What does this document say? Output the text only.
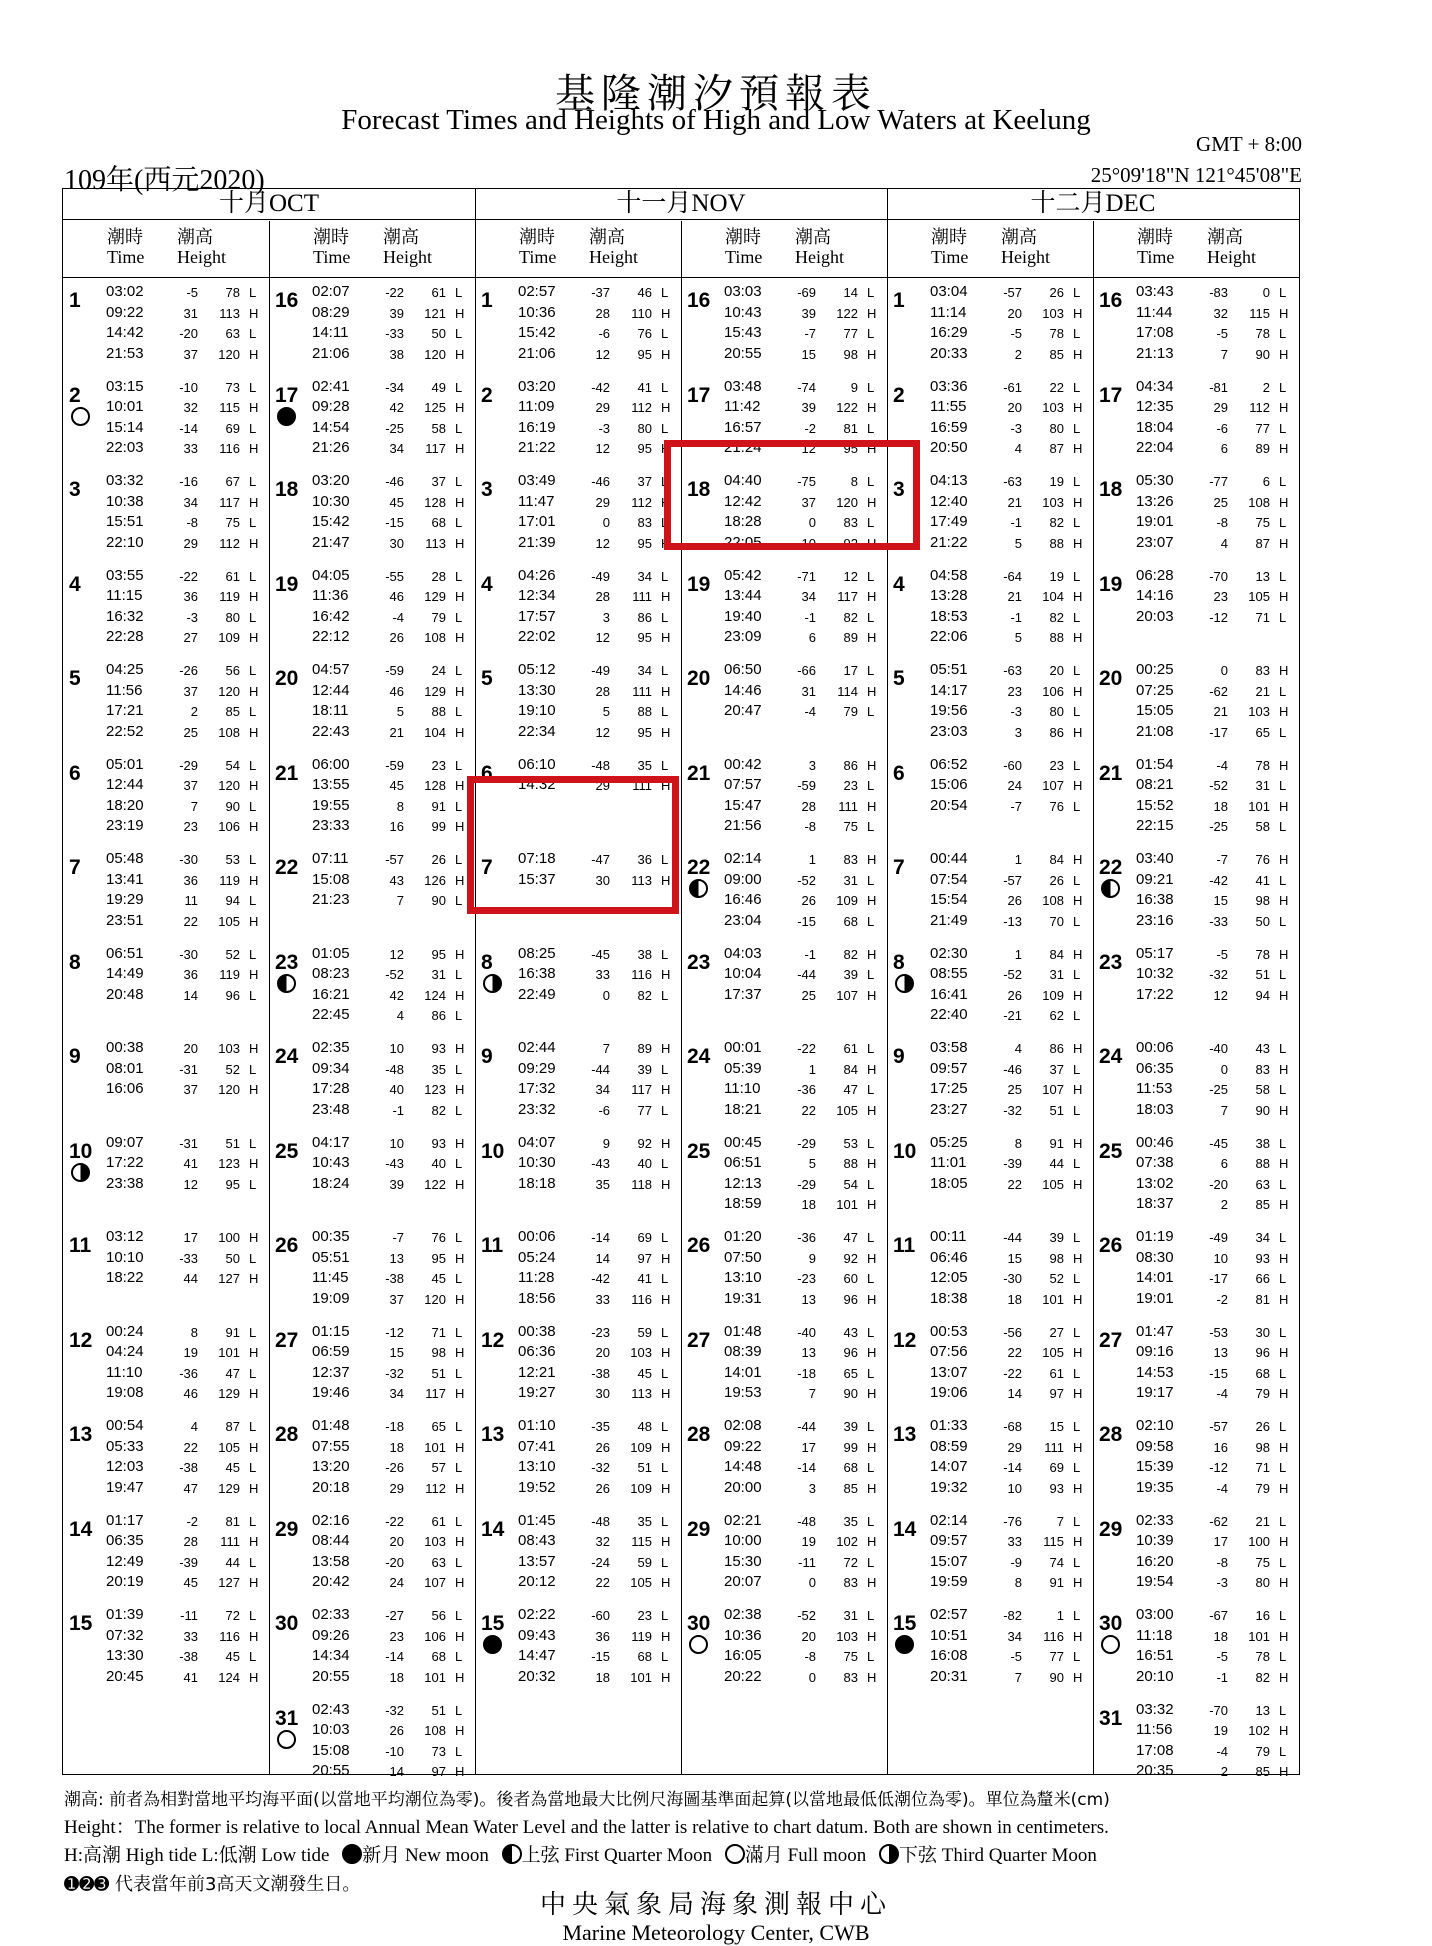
基隆潮汐預報表
Forecast Times and Heights of High and Low Waters at Keelung
GMT + 8:00
109年(西元2020)	25°09'18"N 121°45'08"E
十月OCT
潮時 潮高
Time Height
潮時 潮高
Time Height
1 03:02	-5	78 L
09:22	31	113 H
14:42	-20	63 L
21:53	37	120 H
2 03:15	-10	73 L
10:01	32	115 H
15:14	-14	69 L
22:03	33	116 H
3 03:32	-16	67 L
10:38	34	117 H
15:51	-8	75 L
22:10	29	112 H
4 03:55	-22	61 L
11:15	36	119 H
16:32	-3	80 L
22:28	27	109 H
5 04:25	-26	56 L
11:56	37	120 H
17:21	2	85 L
22:52	25	108 H
6 05:01	-29	54 L
12:44	37	120 H
18:20	7	90 L
23:19	23	106 H
7 05:48	-30	53 L
13:41	36	119 H
19:29	11	94 L
23:51	22	105 H
8 06:51	-30	52 L
14:49	36	119 H
20:48	14	96 L
9 00:38	20	103 H
08:01	-31	52 L
16:06	37	120 H
10 09:07	-31	51 L
17:22	41	123 H
23:38	12	95 L
11 03:12	17	100 H
10:10	-33	50 L
18:22	44	127 H
12 00:24	8	91 L
04:24	19	101 H
11:10	-36	47 L
19:08	46	129 H
13 00:54	4	87 L
05:33	22	105 H
12:03	-38	45 L
19:47	47	129 H
14 01:17	-2	81 L
06:35	28	111 H
12:49	-39	44 L
20:19	45	127 H
15 01:39	-11	72 L
07:32	33	116 H
13:30	-38	45 L
20:45	41	124 H
16 02:07	-22	61 L
08:29	39	121 H
14:11	-33	50 L
21:06	38	120 H
17 02:41	-34	49 L
09:28	42	125 H
14:54	-25	58 L
21:26	34	117 H
18 03:20	-46	37 L
10:30	45	128 H
15:42	-15	68 L
21:47	30	113 H
19 04:05	-55	28 L
11:36	46	129 H
16:42	-4	79 L
22:12	26	108 H
20 04:57	-59	24 L
12:44	46	129 H
18:11	5	88 L
22:43	21	104 H
21 06:00	-59	23 L
13:55	45	128 H
19:55	8	91 L
23:33	16	99 H
22 07:11	-57	26 L
15:08	43	126 H
21:23	7	90 L
23 01:05	12	95 H
08:23	-52	31 L
16:21	42	124 H
22:45	4	86 L
24 02:35	10	93 H
09:34	-48	35 L
17:28	40	123 H
23:48	-1	82 L
25 04:17	10	93 H
10:43	-43	40 L
18:24	39	122 H
26 00:35	-7	76 L
05:51	13	95 H
11:45	-38	45 L
19:09	37	120 H
27 01:15	-12	71 L
06:59	15	98 H
12:37	-32	51 L
19:46	34	117 H
28 01:48	-18	65 L
07:55	18	101 H
13:20	-26	57 L
20:18	29	112 H
29 02:16	-22	61 L
08:44	20	103 H
13:58	-20	63 L
20:42	24	107 H
30 02:33	-27	56 L
09:26	23	106 H
14:34	-14	68 L
20:55	18	101 H
31 02:43	-32	51 L
10:03	26	108 H
15:08	-10	73 L
20:55	14	97 H
十一月NOV
潮時 潮高
Time Height
潮時 潮高
Time Height
1 02:57	-37	46 L
10:36	28	110 H
15:42	-6	76 L
21:06	12	95 H
2 03:20	-42	41 L
11:09	29	112 H
16:19	-3	80 L
21:22	12	95 H
3 03:49	-46	37 L
11:47	29	112 H
17:01	0	83 L
21:39	12	95 H
4 04:26	-49	34 L
12:34	28	111 H
17:57	3	86 L
22:02	12	95 H
5 05:12	-49	34 L
13:30	28	111 H
19:10	5	88 L
22:34	12	95 H
6 06:10	-48	35 L
14:32	29	111 H
7 07:18	-47	36 L
15:37	30	113 H
8 08:25	-45	38 L
16:38	33	116 H
22:49	0	82 L
9 02:44	7	89 H
09:29	-44	39 L
17:32	34	117 H
23:32	-6	77 L
10 04:07	9	92 H
10:30	-43	40 L
18:18	35	118 H
11 00:06	-14	69 L
05:24	14	97 H
11:28	-42	41 L
18:56	33	116 H
12 00:38	-23	59 L
06:36	20	103 H
12:21	-38	45 L
19:27	30	113 H
13 01:10	-35	48 L
07:41	26	109 H
13:10	-32	51 L
19:52	26	109 H
14 01:45	-48	35 L
08:43	32	115 H
13:57	-24	59 L
20:12	22	105 H
15 02:22	-60	23 L
09:43	36	119 H
14:47	-15	68 L
20:32	18	101 H
16 03:03	-69	14 L
10:43	39	122 H
15:43	-7	77 L
20:55	15	98 H
17 03:48	-74	9 L
11:42	39	122 H
16:57	-2	81 L
21:24	12	95 H
18 04:40	-75	8 L
12:42	37	120 H
18:28	0	83 L
22:05	10	92 H
19 05:42	-71	12 L
13:44	34	117 H
19:40	-1	82 L
23:09	6	89 H
20 06:50	-66	17 L
14:46	31	114 H
20:47	-4	79 L
21 00:42	3	86 H
07:57	-59	23 L
15:47	28	111 H
21:56	-8	75 L
22 02:14	1	83 H
09:00	-52	31 L
16:46	26	109 H
23:04	-15	68 L
23 04:03	-1	82 H
10:04	-44	39 L
17:37	25	107 H
24 00:01	-22	61 L
05:39	1	84 H
11:10	-36	47 L
18:21	22	105 H
25 00:45	-29	53 L
06:51	5	88 H
12:13	-29	54 L
18:59	18	101 H
26 01:20	-36	47 L
07:50	9	92 H
13:10	-23	60 L
19:31	13	96 H
27 01:48	-40	43 L
08:39	13	96 H
14:01	-18	65 L
19:53	7	90 H
28 02:08	-44	39 L
09:22	17	99 H
14:48	-14	68 L
20:00	3	85 H
29 02:21	-48	35 L
10:00	19	102 H
15:30	-11	72 L
20:07	0	83 H
30 02:38	-52	31 L
10:36	20	103 H
16:05	-8	75 L
20:22	0	83 H
十二月DEC
潮時 潮高
Time Height
潮時 潮高
Time Height
1 03:04	-57	26 L
11:14	20	103 H
16:29	-5	78 L
20:33	2	85 H
2 03:36	-61	22 L
11:55	20	103 H
16:59	-3	80 L
20:50	4	87 H
3 04:13	-63	19 L
12:40	21	103 H
17:49	-1	82 L
21:22	5	88 H
4 04:58	-64	19 L
13:28	21	104 H
18:53	-1	82 L
22:06	5	88 H
5 05:51	-63	20 L
14:17	23	106 H
19:56	-3	80 L
23:03	3	86 H
6 06:52	-60	23 L
15:06	24	107 H
20:54	-7	76 L
7 00:44	1	84 H
07:54	-57	26 L
15:54	26	108 H
21:49	-13	70 L
8 02:30	1	84 H
08:55	-52	31 L
16:41	26	109 H
22:40	-21	62 L
9 03:58	4	86 H
09:57	-46	37 L
17:25	25	107 H
23:27	-32	51 L
10 05:25	8	91 H
11:01	-39	44 L
18:05	22	105 H
11 00:11	-44	39 L
06:46	15	98 H
12:05	-30	52 L
18:38	18	101 H
12 00:53	-56	27 L
07:56	22	105 H
13:07	-22	61 L
19:06	14	97 H
13 01:33	-68	15 L
08:59	29	111 H
14:07	-14	69 L
19:32	10	93 H
14 02:14	-76	7 L
09:57	33	115 H
15:07	-9	74 L
19:59	8	91 H
15 02:57	-82	1 L
10:51	34	116 H
16:08	-5	77 L
20:31	7	90 H
16 03:43	-83	0 L
11:44	32	115 H
17:08	-5	78 L
21:13	7	90 H
17 04:34	-81	2 L
12:35	29	112 H
18:04	-6	77 L
22:04	6	89 H
18 05:30	-77	6 L
13:26	25	108 H
19:01	-8	75 L
23:07	4	87 H
19 06:28	-70	13 L
14:16	23	105 H
20:03	-12	71 L
20 00:25	0	83 H
07:25	-62	21 L
15:05	21	103 H
21:08	-17	65 L
21 01:54	-4	78 H
08:21	-52	31 L
15:52	18	101 H
22:15	-25	58 L
22 03:40	-7	76 H
09:21	-42	41 L
16:38	15	98 H
23:16	-33	50 L
23 05:17	-5	78 H
10:32	-32	51 L
17:22	12	94 H
24 00:06	-40	43 L
06:35	0	83 H
11:53	-25	58 L
18:03	7	90 H
25 00:46	-45	38 L
07:38	6	88 H
13:02	-20	63 L
18:37	2	85 H
26 01:19	-49	34 L
08:30	10	93 H
14:01	-17	66 L
19:01	-2	81 H
27 01:47	-53	30 L
09:16	13	96 H
14:53	-15	68 L
19:17	-4	79 H
28 02:10	-57	26 L
09:58	16	98 H
15:39	-12	71 L
19:35	-4	79 H
29 02:33	-62	21 L
10:39	17	100 H
16:20	-8	75 L
19:54	-3	80 H
30 03:00	-67	16 L
11:18	18	101 H
16:51	-5	78 L
20:10	-1	82 H
31 03:32	-70	13 L
11:56	19	102 H
17:08	-4	79 L
20:35	2	85 H
潮高: 前者為相對當地平均海平面(以當地平均潮位為零)。後者為當地最大比例尺海圖基準面起算(以當地最低低潮位為零)。單位為釐米(cm)
Height：The former is relative to local Annual Mean Water Level and the latter is relative to chart datum. Both are shown in centimeters.
H:高潮 High tide L:低潮 Low tide 新月 New moon 上弦 First Quarter Moon 滿月 Full moon 下弦 Third Quarter Moon
➊➋➌ 代表當年前3高天文潮發生日。
中央氣象局海象測報中心
Marine Meteorology Center, CWB
